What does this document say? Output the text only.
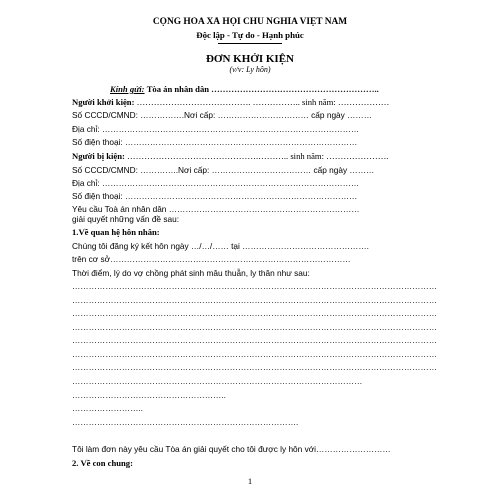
CỘNG HÒA XÃ HỘI CHỦ NGHĨA VIỆT NAM
Độc lập - Tự do - Hạnh phúc
ĐƠN KHỞI KIỆN
(v/v: Ly hôn)
Kính gửi: Tòa án nhân dân …………………………………………………..
Người khởi kiện: …………………………………. …………….. sinh năm: ………………
Số CCCD/CMND: …………….Nơi cấp: …………………………… cấp ngày ………
Địa chỉ: …………………………………………………………………………………
Số điện thoại: …………………………………………………………………………
Người bị kiện: ……………………………………….……….. sinh năm: ………………….
Số CCCD/CMND: …………..Nơi cấp: ……………………………… cấp ngày ………
Địa chỉ: …………………………………………………………………………………
Số điện thoại: …………………………………………………………………………
Yêu cầu Toà án nhân dân ……………………………………………………………
giải quyết những vấn đề sau:
1.Về quan hệ hôn nhân:
Chúng tôi đăng ký kết hôn ngày …/…/…… tại ……………………………………….
trên cơ sở……………………………………………………………………………
Thời điểm, lý do vợ chồng phát sinh mâu thuẫn, ly thân như sau:
……………………………………………………………………………………………………………………
……………………………………………………………………………………………………………………
……………………………………………………………………………………………………………………
……………………………………………………………………………………………………………………
……………………………………………………………………………………………………………………
……………………………………………………………………………………………………………………
……………………………………………………………………………………………………………………
……………………………………………………………………………………………
………………………………………………..
……………………..
……………………………………………………………………….
Tôi làm đơn này yêu cầu Tòa án giải quyết cho tôi được ly hôn với………………………
2. Về con chung:
1
